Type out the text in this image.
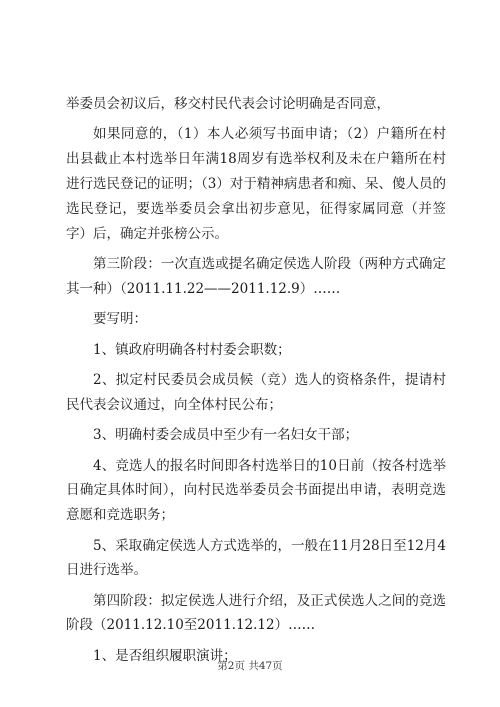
举委员会初议后，移交村民代表会讨论明确是否同意，

如果同意的，（1）本人必须写书面申请；（2）户籍所在村出县截止本村选举日年满18周岁有选举权利及未在户籍所在村进行选民登记的证明；（3）对于精神病患者和痴、呆、傻人员的选民登记，要选举委员会拿出初步意见，征得家属同意（并签字）后，确定并张榜公示。

第三阶段：一次直选或提名确定侯选人阶段（两种方式确定其一种）（2011.11.22——2011.12.9）……

要写明：

1、镇政府明确各村村委会职数；

2、拟定村民委员会成员候（竞）选人的资格条件，提请村民代表会议通过，向全体村民公布；

3、明确村委会成员中至少有一名妇女干部；

4、竞选人的报名时间即各村选举日的10日前（按各村选举日确定具体时间），向村民选举委员会书面提出申请，表明竞选意愿和竞选职务；

5、采取确定侯选人方式选举的，一般在11月28日至12月4日进行选举。

第四阶段：拟定侯选人进行介绍，及正式侯选人之间的竞选阶段（2011.12.10至2011.12.12）……

1、是否组织履职演讲；

第2页 共47页
